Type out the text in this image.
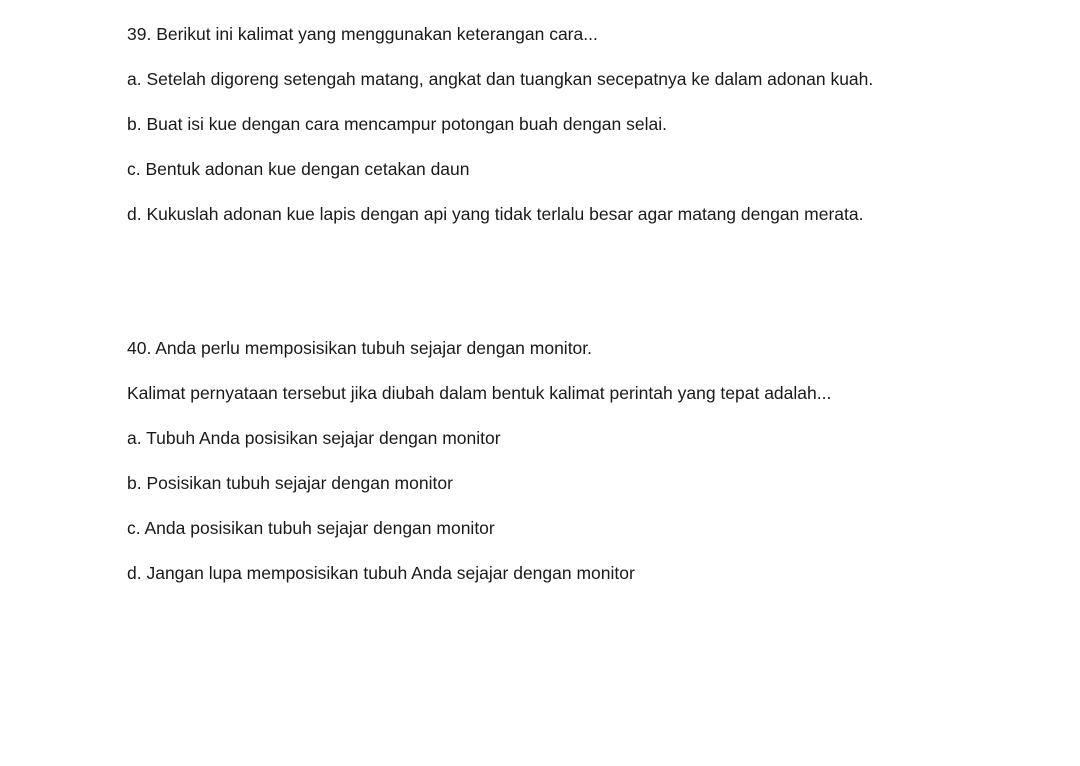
39. Berikut ini kalimat yang menggunakan keterangan cara...

a. Setelah digoreng setengah matang, angkat dan tuangkan secepatnya ke dalam adonan kuah.

b. Buat isi kue dengan cara mencampur potongan buah dengan selai.

c. Bentuk adonan kue dengan cetakan daun

d. Kukuslah adonan kue lapis dengan api yang tidak terlalu besar agar matang dengan merata.

40. Anda perlu memposisikan tubuh sejajar dengan monitor.

Kalimat pernyataan tersebut jika diubah dalam bentuk kalimat perintah yang tepat adalah...

a. Tubuh Anda posisikan sejajar dengan monitor

b. Posisikan tubuh sejajar dengan monitor

c. Anda posisikan tubuh sejajar dengan monitor

d. Jangan lupa memposisikan tubuh Anda sejajar dengan monitor
